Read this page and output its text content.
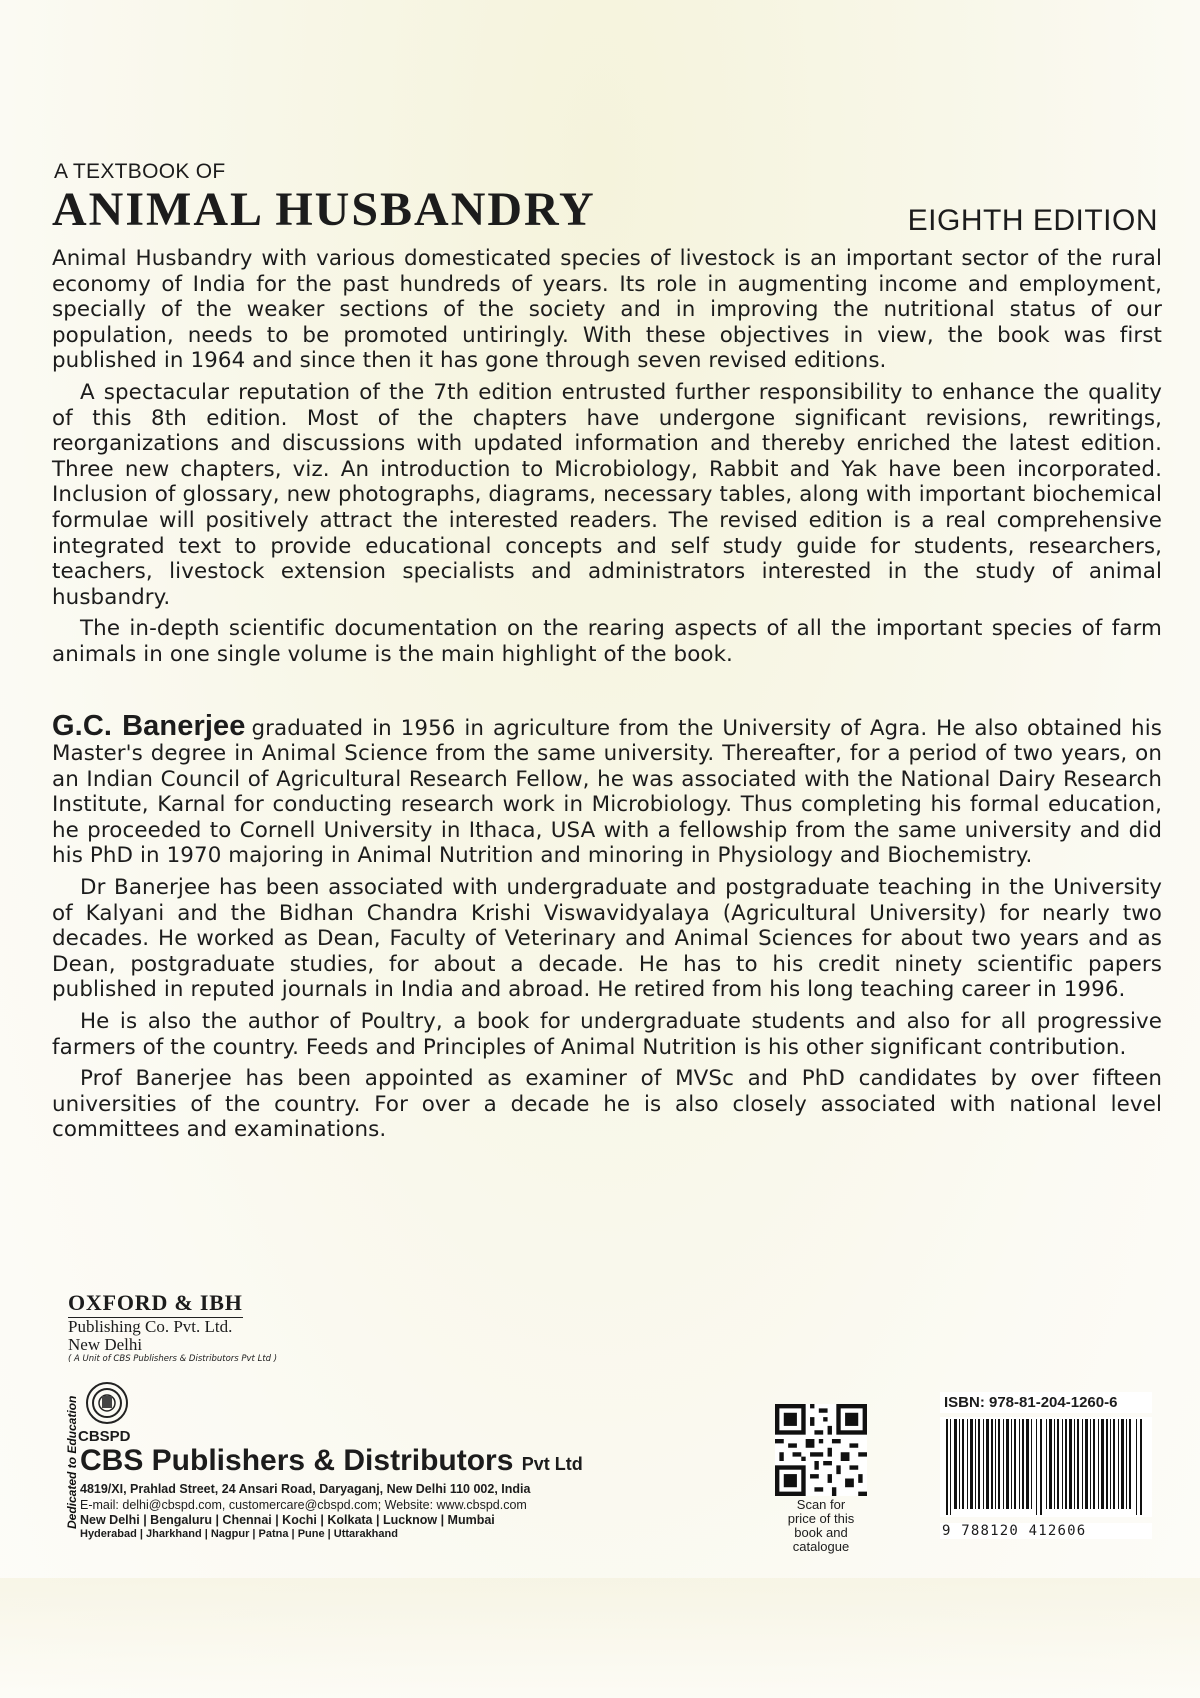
A TEXTBOOK OF
ANIMAL HUSBANDRY	EIGHTH EDITION

Animal Husbandry with various domesticated species of livestock is an important sector of the rural economy of India for the past hundreds of years. Its role in augmenting income and employment, specially of the weaker sections of the society and in improving the nutritional status of our population, needs to be promoted untiringly. With these objectives in view, the book was first published in 1964 and since then it has gone through seven revised editions.

A spectacular reputation of the 7th edition entrusted further responsibility to enhance the quality of this 8th edition. Most of the chapters have undergone significant revisions, rewritings, reorganizations and discussions with updated information and thereby enriched the latest edition. Three new chapters, viz. An introduction to Microbiology, Rabbit and Yak have been incorporated. Inclusion of glossary, new photographs, diagrams, necessary tables, along with important biochemical formulae will positively attract the interested readers. The revised edition is a real comprehensive integrated text to provide educational concepts and self study guide for students, researchers, teachers, livestock extension specialists and administrators interested in the study of animal husbandry.

The in-depth scientific documentation on the rearing aspects of all the important species of farm animals in one single volume is the main highlight of the book.

G.C. Banerjee graduated in 1956 in agriculture from the University of Agra. He also obtained his Master's degree in Animal Science from the same university. Thereafter, for a period of two years, on an Indian Council of Agricultural Research Fellow, he was associated with the National Dairy Research Institute, Karnal for conducting research work in Microbiology. Thus completing his formal education, he proceeded to Cornell University in Ithaca, USA with a fellowship from the same university and did his PhD in 1970 majoring in Animal Nutrition and minoring in Physiology and Biochemistry.

Dr Banerjee has been associated with undergraduate and postgraduate teaching in the University of Kalyani and the Bidhan Chandra Krishi Viswavidyalaya (Agricultural University) for nearly two decades. He worked as Dean, Faculty of Veterinary and Animal Sciences for about two years and as Dean, postgraduate studies, for about a decade. He has to his credit ninety scientific papers published in reputed journals in India and abroad. He retired from his long teaching career in 1996.

He is also the author of Poultry, a book for undergraduate students and also for all progressive farmers of the country. Feeds and Principles of Animal Nutrition is his other significant contribution.

Prof Banerjee has been appointed as examiner of MVSc and PhD candidates by over fifteen universities of the country. For over a decade he is also closely associated with national level committees and examinations.

OXFORD & IBH
Publishing Co. Pvt. Ltd.
New Delhi
( A Unit of CBS Publishers & Distributors Pvt Ltd )
Dedicated to Education CBSPD
CBS Publishers & Distributors Pvt Ltd
4819/XI, Prahlad Street, 24 Ansari Road, Daryaganj, New Delhi 110 002, India
E-mail: delhi@cbspd.com, customercare@cbspd.com; Website: www.cbspd.com
New Delhi | Bengaluru | Chennai | Kochi | Kolkata | Lucknow | Mumbai
Hyderabad | Jharkhand | Nagpur | Patna | Pune | Uttarakhand
Scan for
price of this
book and
catalogue
ISBN: 978-81-204-1260-6
9 788120 412606
